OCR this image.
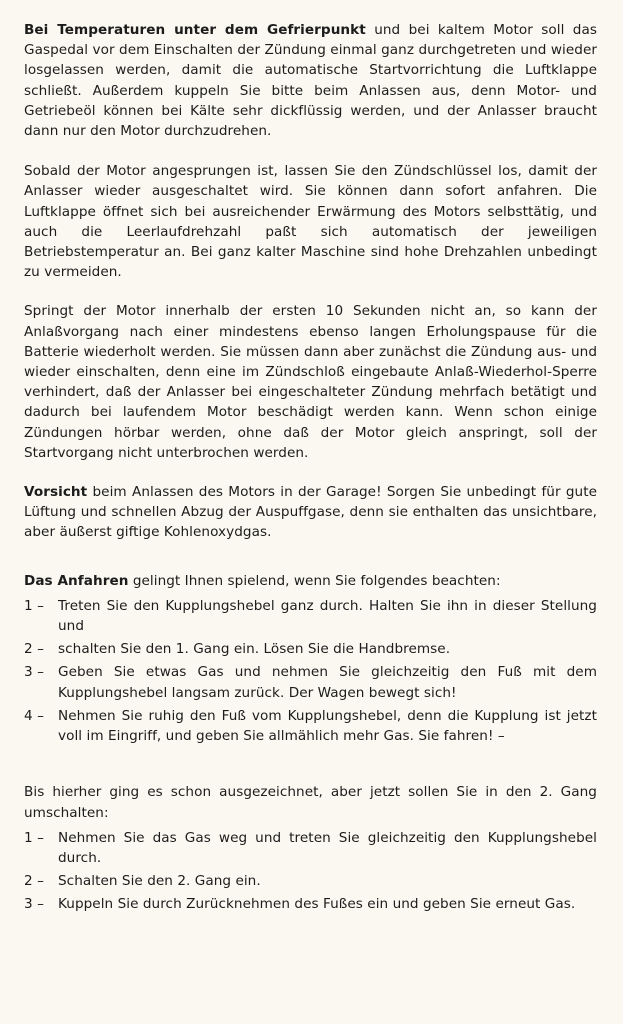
Bei Temperaturen unter dem Gefrierpunkt und bei kaltem Motor soll das Gaspedal vor dem Einschalten der Zündung einmal ganz durchgetreten und wieder losgelassen werden, damit die automatische Startvorrichtung die Luftklappe schließt. Außerdem kuppeln Sie bitte beim Anlassen aus, denn Motor- und Getriebeöl können bei Kälte sehr dickflüssig werden, und der Anlasser braucht dann nur den Motor durchzudrehen.

Sobald der Motor angesprungen ist, lassen Sie den Zündschlüssel los, damit der Anlasser wieder ausgeschaltet wird. Sie können dann sofort anfahren. Die Luftklappe öffnet sich bei ausreichender Erwärmung des Motors selbsttätig, und auch die Leerlaufdrehzahl paßt sich automatisch der jeweiligen Betriebstemperatur an. Bei ganz kalter Maschine sind hohe Drehzahlen unbedingt zu vermeiden.

Springt der Motor innerhalb der ersten 10 Sekunden nicht an, so kann der Anlaßvorgang nach einer mindestens ebenso langen Erholungspause für die Batterie wiederholt werden. Sie müssen dann aber zunächst die Zündung aus- und wieder einschalten, denn eine im Zündschloß eingebaute Anlaß-Wiederhol-Sperre verhindert, daß der Anlasser bei eingeschalteter Zündung mehrfach betätigt und dadurch bei laufendem Motor beschädigt werden kann. Wenn schon einige Zündungen hörbar werden, ohne daß der Motor gleich anspringt, soll der Startvorgang nicht unterbrochen werden.

Vorsicht beim Anlassen des Motors in der Garage! Sorgen Sie unbedingt für gute Lüftung und schnellen Abzug der Auspuffgase, denn sie enthalten das unsichtbare, aber äußerst giftige Kohlenoxydgas.

Das Anfahren gelingt Ihnen spielend, wenn Sie folgendes beachten:

1 –	Treten Sie den Kupplungshebel ganz durch. Halten Sie ihn in dieser Stellung und
2 –	schalten Sie den 1. Gang ein. Lösen Sie die Handbremse.
3 –	Geben Sie etwas Gas und nehmen Sie gleichzeitig den Fuß mit dem Kupplungshebel langsam zurück. Der Wagen bewegt sich!
4 –	Nehmen Sie ruhig den Fuß vom Kupplungshebel, denn die Kupplung ist jetzt voll im Eingriff, und geben Sie allmählich mehr Gas. Sie fahren! –

Bis hierher ging es schon ausgezeichnet, aber jetzt sollen Sie in den 2. Gang umschalten:

1 –	Nehmen Sie das Gas weg und treten Sie gleichzeitig den Kupplungshebel durch.
2 –	Schalten Sie den 2. Gang ein.
3 –	Kuppeln Sie durch Zurücknehmen des Fußes ein und geben Sie erneut Gas.
